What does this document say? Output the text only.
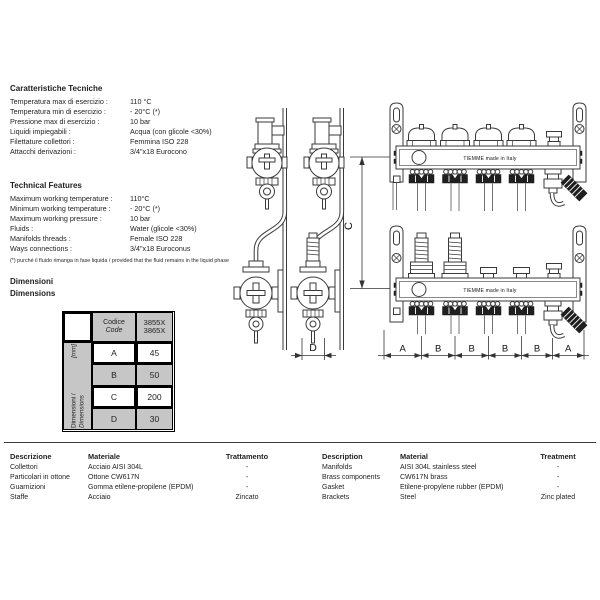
Caratteristiche Tecniche
Temperatura max di esercizio :	110 °C
Temperatura min di esercizio :	- 20°C (*)
Pressione max di esercizio :	10 bar
Liquidi impiegabili :	Acqua (con glicole <30%)
Filettature collettori :	Femmina ISO 228
Attacchi derivazioni :	3/4"x18 Eurocono
Technical Features
Maximum working temperature : 110°C
Minimum working temperature :	- 20°C (*)
Maximum working pressure :	10 bar
Fluids :	Water (glicole <30%)
Manifolds threads :	Female ISO 228
Ways connections :	3/4"x18 Euroconus
(*) purché il fluido rimanga in fase liquida / provided that the fluid remains in the liquid phase
Dimensioni
Dimensions
Codice
Code
3855X
3865X
Dimensioni /
[mm]
Dimensions
A	45
B	50
C	200
D	30
C
D
TIEMME made in Italy
TIEMME made in Italy
A	B	B	B	B	A
Descrizione	Materiale	Trattamento
Collettori	Acciaio AISI 304L	-
Particolari in ottone	Ottone CW617N	-
Guarnizioni	Gomma etilene-propilene (EPDM)	-
Staffe	Acciaio	Zincato
Description	Material	Treatment
Manifolds	AISI 304L stainless steel	-
Brass components	CW617N brass	-
Gasket	Etilene-propylene rubber (EPDM)	-
Brackets	Steel	Zinc plated
